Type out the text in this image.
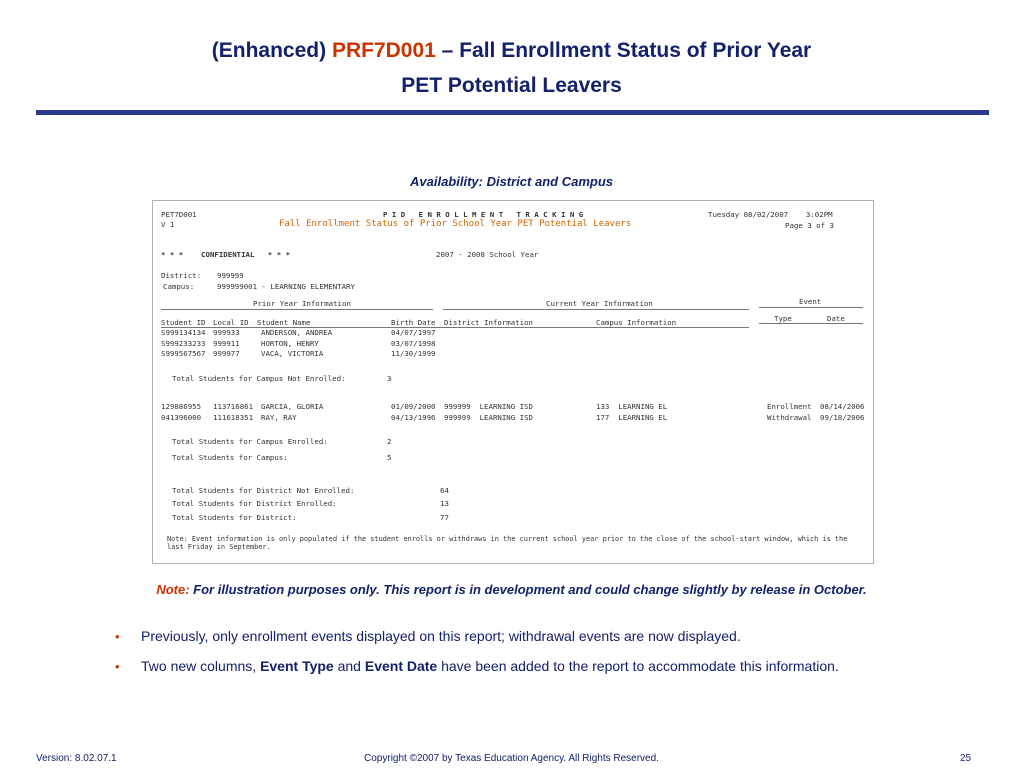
(Enhanced) PRF7D001 – Fall Enrollment Status of Prior Year
PET Potential Leavers
Availability: District and Campus
PET7D001
V 1
P I D   E N R O L L M E N T   T R A C K I N G
Fall Enrollment Status of Prior School Year PET Potential Leavers
Tuesday 08/02/2007    3:02PM
Page 3 of 3
* * *    CONFIDENTIAL   * * *	2007 - 2008 School Year
District: 999999
Campus:	999999001 - LEARNING ELEMENTARY
Prior Year Information	Current Year Information	Event
Student ID Local ID Student Name	Birth Date District Information	Campus Information	Type	Date
S999134134 999933	ANDERSON, ANDREA	04/07/1997
S999233233 999911	HORTON, HENRY	03/07/1998
S999567567 999977	VACA, VICTORIA	11/30/1999
Total Students for Campus Not Enrolled:	3
129886955 113716861 GARCIA, GLORIA	01/09/2000 999999  LEARNING ISD	133  LEARNING EL	Enrollment 08/14/2006
041396000 111618351 RAY, RAY	04/13/1996 999999  LEARNING ISD	177  LEARNING EL	Withdrawal 09/18/2006
Total Students for Campus Enrolled:	2
Total Students for Campus:	5
Total Students for District Not Enrolled:	64
Total Students for District Enrolled:	13
Total Students for District:	77
Note: Event information is only populated if the student enrolls or withdraws in the current school year prior to the close of the school-start window, which is the
last Friday in September.
Note: For illustration purposes only. This report is in development and could change slightly by release in October.
• Previously, only enrollment events displayed on this report; withdrawal events are now displayed.
• Two new columns, Event Type and Event Date have been added to the report to accommodate this information.
Version: 8.02.07.1	Copyright ©2007 by Texas Education Agency. All Rights Reserved.	25
